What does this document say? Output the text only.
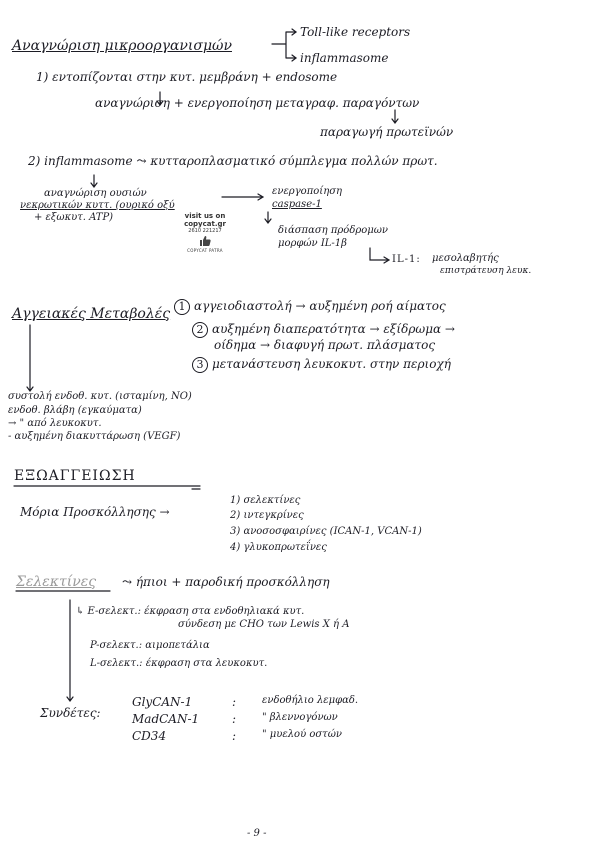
Αναγνώριση μικροοργανισμών
Toll-like receptors
inflammasome
1) εντοπίζονται στην κυτ. μεμβράνη + endosome
αναγνώριση + ενεργοποίηση μεταγραφ. παραγόντων
παραγωγή πρωτεϊνών
2) inflammasome ⤳ κυτταροπλασματικό σύμπλεγμα πολλών πρωτ.
αναγνώριση ουσιών
νεκρωτικών κυττ. (ουρικό οξύ
+ εξωκυτ. ATP)
ενεργοποίηση
caspase-1
διάσπαση πρόδρομων
μορφών IL-1β
IL-1: μεσολαβητής
επιστράτευση λευκ.
visit us on
copycat.gr
2610 221217
COPYCAT PATRA
Αγγειακές Μεταβολές 1 αγγειοδιαστολή → αυξημένη ροή αίματος
2 αυξημένη διαπερατότητα → εξίδρωμα →
οίδημα → διαφυγή πρωτ. πλάσματος
3 μετανάστευση λευκοκυτ. στην περιοχή
συστολή ενδοθ. κυτ. (ισταμίνη, NO)
ενδοθ. βλάβη (εγκαύματα)
→ " από λευκοκυτ.
- αυξημένη διακυττάρωση (VEGF)
ΕΞΩΑΓΓΕΙΩΣΗ
Μόρια Προσκόλλησης →
1) σελεκτίνες
2) ιντεγκρίνες
3) ανοσοσφαιρίνες (ICAN-1, VCAN-1)
4) γλυκοπρωτεΐνες
Σελεκτίνες ⤳ ήπιοι + παροδική προσκόλληση
↳ E-σελεκτ.: έκφραση στα ενδοθηλιακά κυτ.
σύνδεση με CHO των Lewis X ή A
P-σελεκτ.: αιμοπετάλια
L-σελεκτ.: έκφραση στα λευκοκυτ.
Συνδέτες:
GlyCAN-1	:	ενδοθήλιο λεμφαδ.
MadCAN-1	:	" βλεννογόνων
CD34	:	" μυελού οστών
- 9 -
